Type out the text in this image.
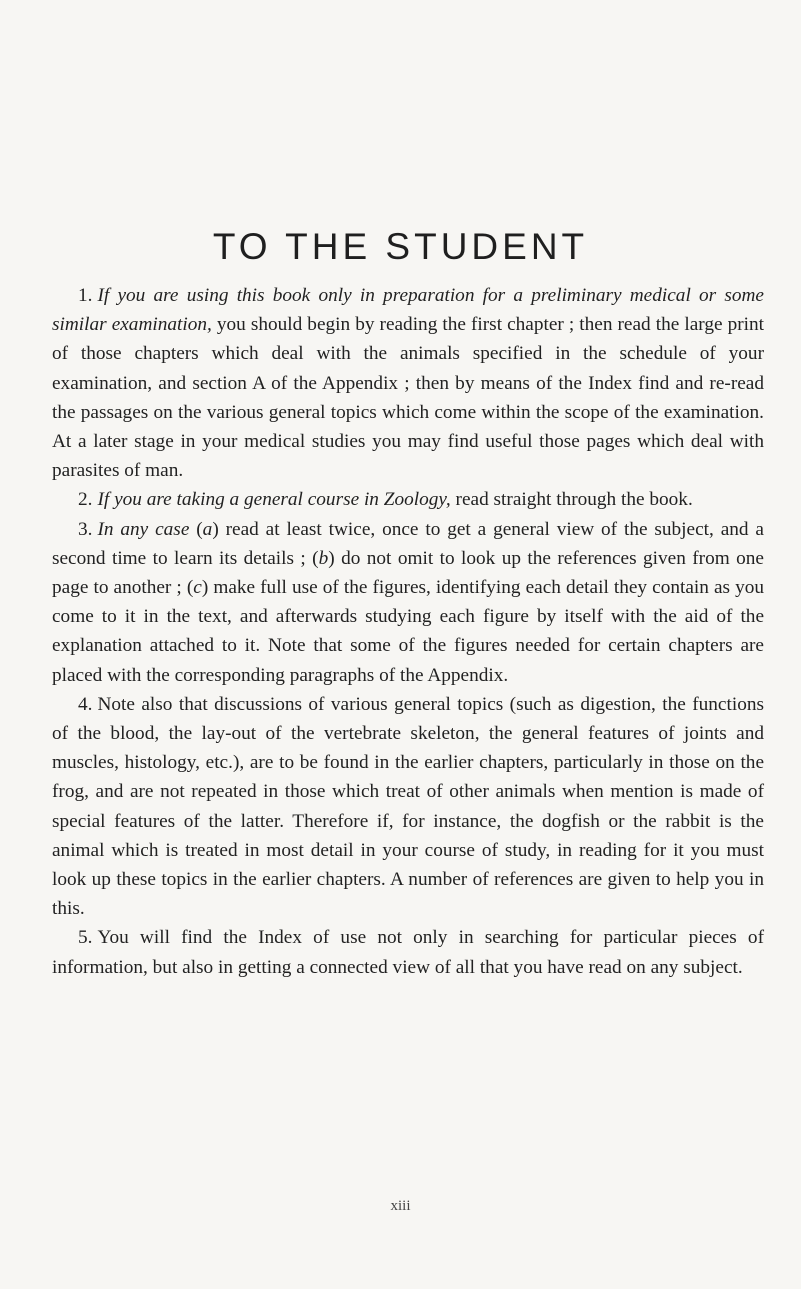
TO THE STUDENT

1. If you are using this book only in preparation for a preliminary medical or some similar examination, you should begin by reading the first chapter ; then read the large print of those chapters which deal with the animals specified in the schedule of your examination, and section A of the Appendix ; then by means of the Index find and re-read the passages on the various general topics which come within the scope of the examination. At a later stage in your medical studies you may find useful those pages which deal with parasites of man.

2. If you are taking a general course in Zoology, read straight through the book.

3. In any case (a) read at least twice, once to get a general view of the subject, and a second time to learn its details ; (b) do not omit to look up the references given from one page to another ; (c) make full use of the figures, identifying each detail they contain as you come to it in the text, and afterwards studying each figure by itself with the aid of the explanation attached to it. Note that some of the figures needed for certain chapters are placed with the corresponding paragraphs of the Appendix.

4. Note also that discussions of various general topics (such as digestion, the functions of the blood, the lay-out of the vertebrate skeleton, the general features of joints and muscles, histology, etc.), are to be found in the earlier chapters, particularly in those on the frog, and are not repeated in those which treat of other animals when mention is made of special features of the latter. Therefore if, for instance, the dogfish or the rabbit is the animal which is treated in most detail in your course of study, in reading for it you must look up these topics in the earlier chapters. A number of references are given to help you in this.

5. You will find the Index of use not only in searching for particular pieces of information, but also in getting a connected view of all that you have read on any subject.

xiii
